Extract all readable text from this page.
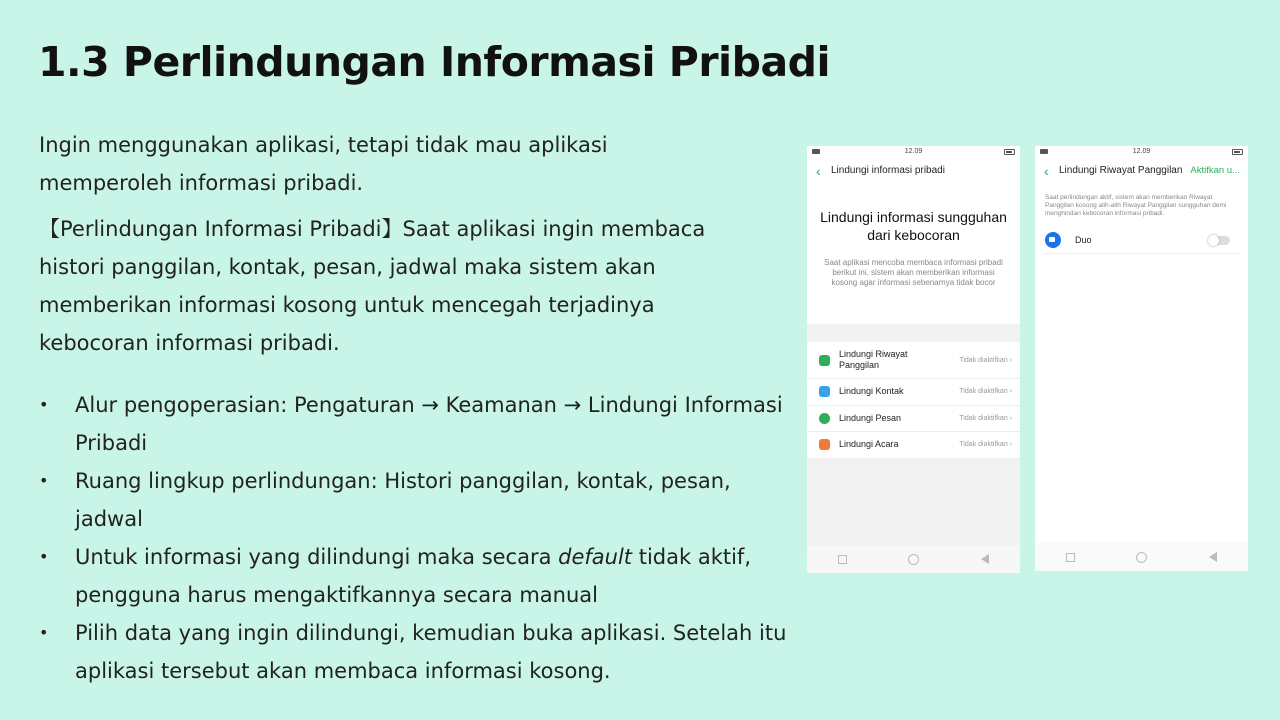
1.3 Perlindungan Informasi Pribadi

Ingin menggunakan aplikasi, tetapi tidak mau aplikasi memperoleh informasi pribadi.

【Perlindungan Informasi Pribadi】Saat aplikasi ingin membaca histori panggilan, kontak, pesan, jadwal maka sistem akan memberikan informasi kosong untuk mencegah terjadinya kebocoran informasi pribadi.

• Alur pengoperasian: Pengaturan → Keamanan → Lindungi Informasi Pribadi
• Ruang lingkup perlindungan: Histori panggilan, kontak, pesan, jadwal
• Untuk informasi yang dilindungi maka secara default tidak aktif, pengguna harus mengaktifkannya secara manual
• Pilih data yang ingin dilindungi, kemudian buka aplikasi. Setelah itu aplikasi tersebut akan membaca informasi kosong.
12.09
‹ Lindungi informasi pribadi
Lindungi informasi sungguhan dari kebocoran

Saat aplikasi mencoba membaca informasi pribadi berikut ini, sistem akan memberikan informasi kosong agar informasi sebenarnya tidak bocor

Lindungi Riwayat Panggilan	Tidak diaktifkan ›
Lindungi Kontak	Tidak diaktifkan ›
Lindungi Pesan	Tidak diaktifkan ›
Lindungi Acara	Tidak diaktifkan ›
12.09
‹ Lindungi Riwayat Panggilan Aktifkan u...
Saat perlindungan aktif, sistem akan memberikan Riwayat Panggilan kosong alih-alih Riwayat Panggilan sungguhan demi menghindari kebocoran informasi pribadi.
Duo
